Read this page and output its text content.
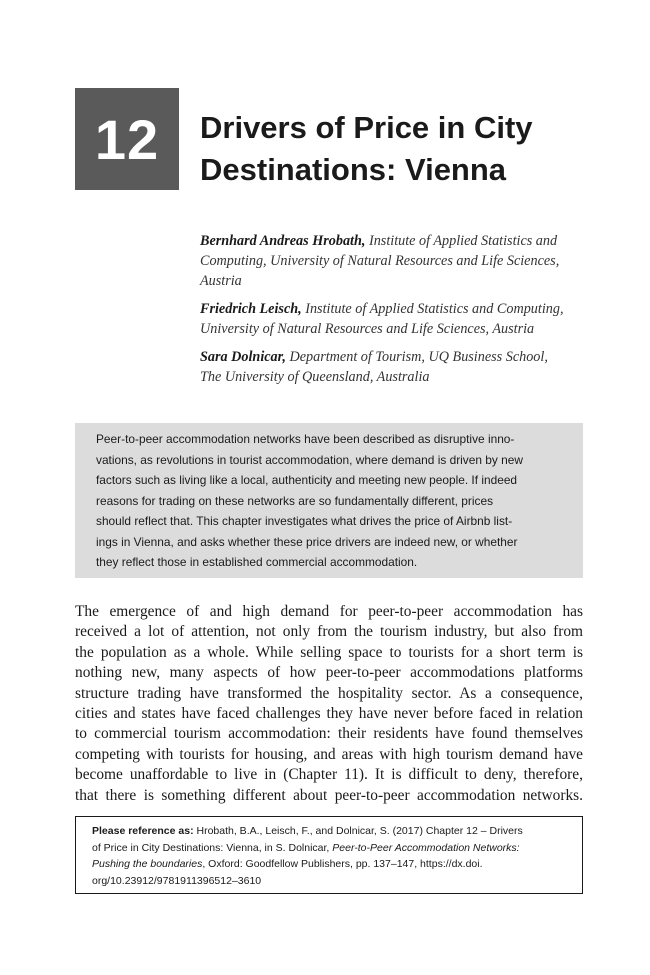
12 Drivers of Price in City
Destinations: Vienna

Bernhard Andreas Hrobath, Institute of Applied Statistics and
Computing, University of Natural Resources and Life Sciences,
Austria

Friedrich Leisch, Institute of Applied Statistics and Computing,
University of Natural Resources and Life Sciences, Austria

Sara Dolnicar, Department of Tourism, UQ Business School,
The University of Queensland, Australia

Peer-to-peer accommodation networks have been described as disruptive inno-
vations, as revolutions in tourist accommodation, where demand is driven by new
factors such as living like a local, authenticity and meeting new people. If indeed
reasons for trading on these networks are so fundamentally different, prices
should reflect that. This chapter investigates what drives the price of Airbnb list-
ings in Vienna, and asks whether these price drivers are indeed new, or whether
they reflect those in established commercial accommodation.
The emergence of and high demand for peer-to-peer accommodation has
received a lot of attention, not only from the tourism industry, but also from
the population as a whole. While selling space to tourists for a short term is
nothing new, many aspects of how peer-to-peer accommodations platforms
structure trading have transformed the hospitality sector. As a consequence,
cities and states have faced challenges they have never before faced in relation
to commercial tourism accommodation: their residents have found themselves
competing with tourists for housing, and areas with high tourism demand have
become unaffordable to live in (Chapter 11). It is difficult to deny, therefore,
that there is something different about peer-to-peer accommodation networks.
Please reference as: Hrobath, B.A., Leisch, F., and Dolnicar, S. (2017) Chapter 12 – Drivers
of Price in City Destinations: Vienna, in S. Dolnicar, Peer-to-Peer Accommodation Networks:
Pushing the boundaries, Oxford: Goodfellow Publishers, pp. 137–147, https://dx.doi.
org/10.23912/9781911396512–3610
